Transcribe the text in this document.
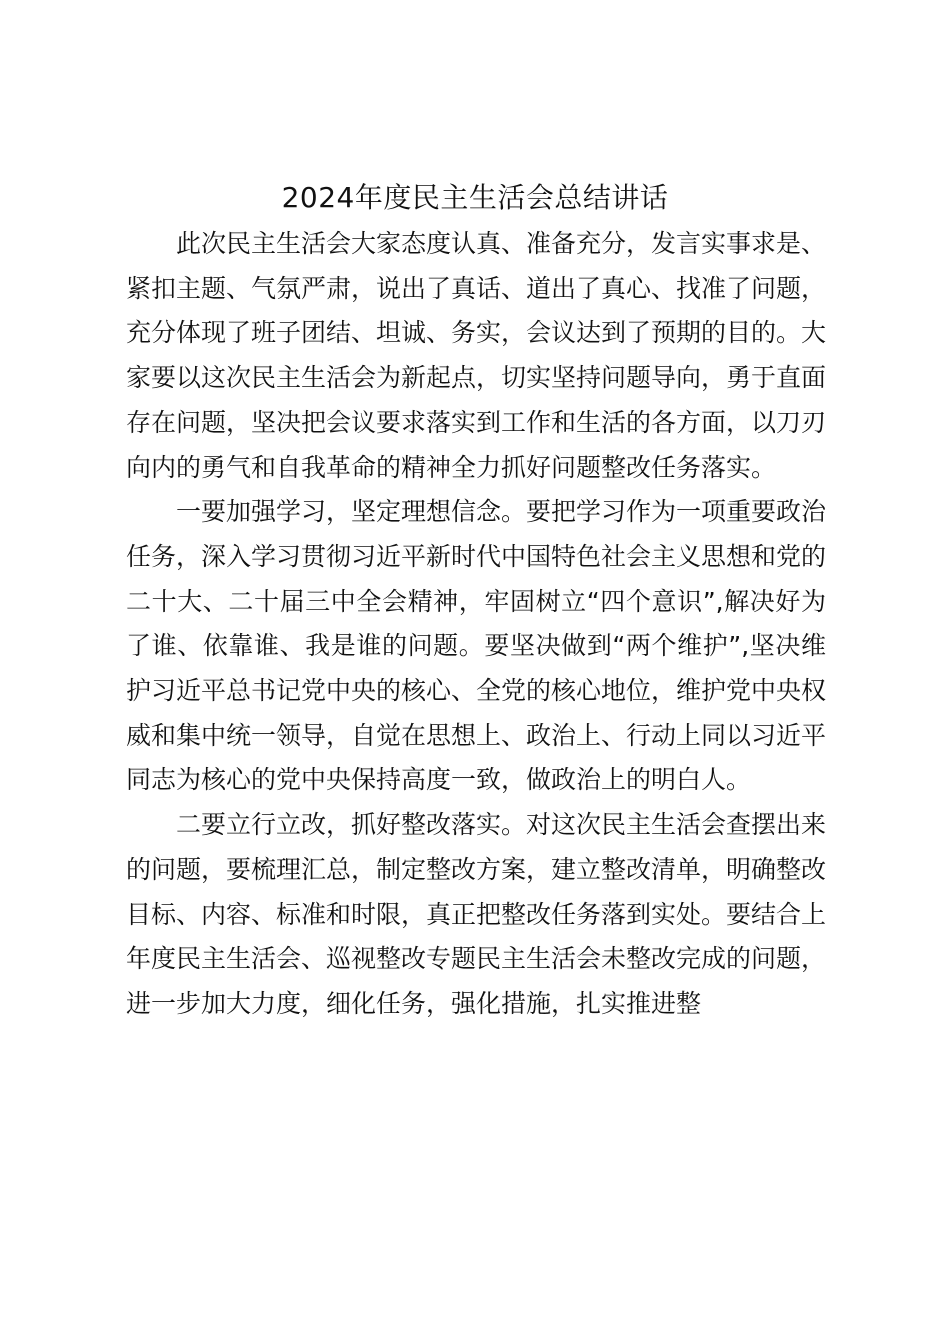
2024年度民主生活会总结讲话

此次民主生活会大家态度认真、准备充分，发言实事求是、紧扣主题、气氛严肃，说出了真话、道出了真心、找准了问题，充分体现了班子团结、坦诚、务实，会议达到了预期的目的。大家要以这次民主生活会为新起点，切实坚持问题导向，勇于直面存在问题，坚决把会议要求落实到工作和生活的各方面，以刀刃向内的勇气和自我革命的精神全力抓好问题整改任务落实。

一要加强学习，坚定理想信念。要把学习作为一项重要政治任务，深入学习贯彻习近平新时代中国特色社会主义思想和党的二十大、二十届三中全会精神，牢固树立“四个意识”,解决好为了谁、依靠谁、我是谁的问题。要坚决做到“两个维护”,坚决维护习近平总书记党中央的核心、全党的核心地位，维护党中央权威和集中统一领导，自觉在思想上、政治上、行动上同以习近平同志为核心的党中央保持高度一致，做政治上的明白人。

二要立行立改，抓好整改落实。对这次民主生活会查摆出来的问题，要梳理汇总，制定整改方案，建立整改清单，明确整改目标、内容、标准和时限，真正把整改任务落到实处。要结合上年度民主生活会、巡视整改专题民主生活会未整改完成的问题，进一步加大力度，细化任务，强化措施，扎实推进整
